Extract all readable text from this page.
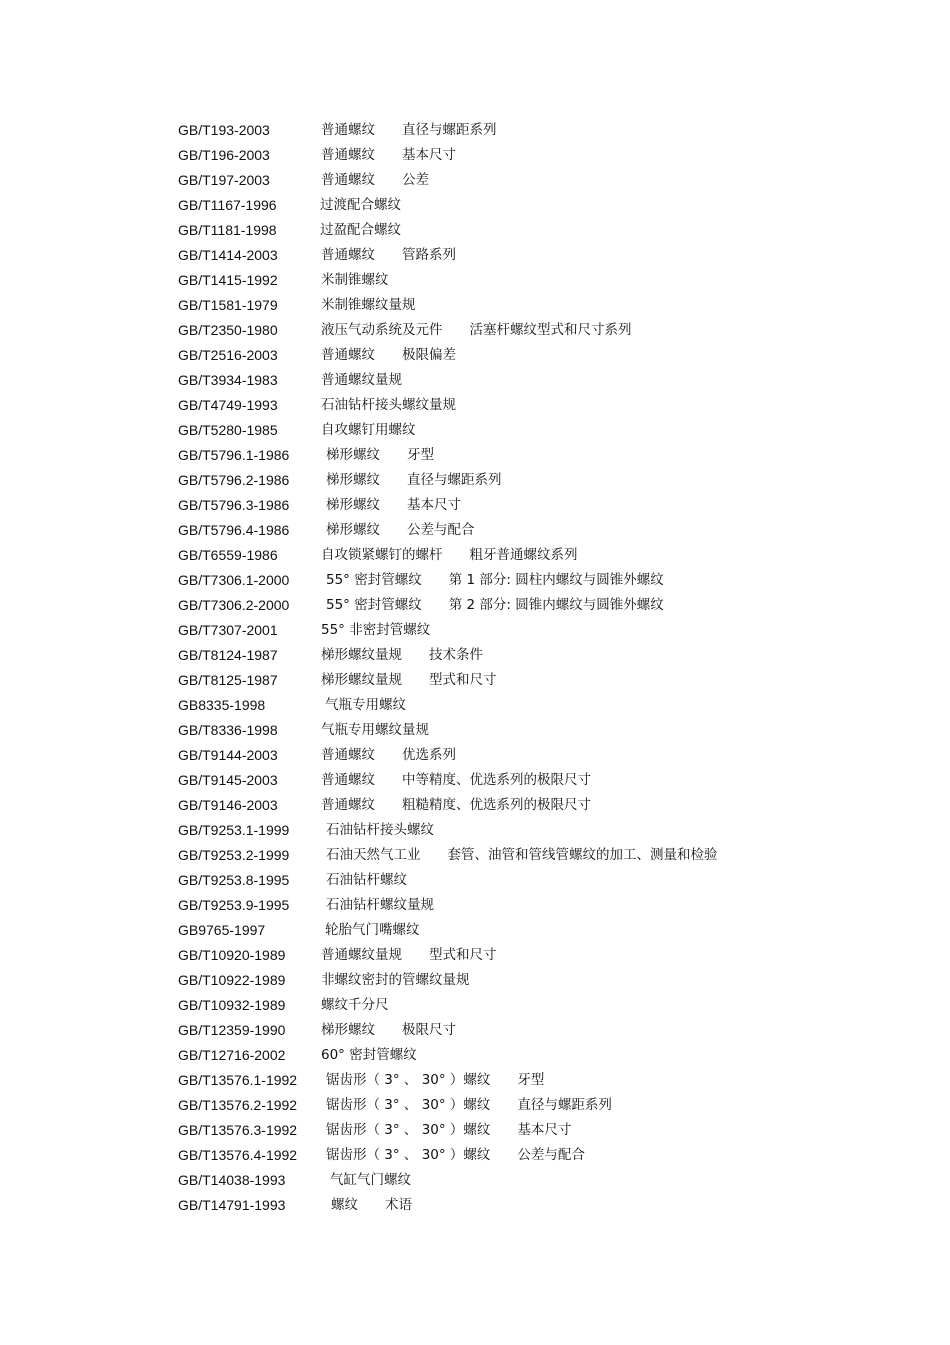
GB/T193-2003	普通螺纹　　直径与螺距系列
GB/T196-2003	普通螺纹　　基本尺寸
GB/T197-2003	普通螺纹　　公差
GB/T1167-1996	过渡配合螺纹
GB/T1181-1998	过盈配合螺纹
GB/T1414-2003	普通螺纹　　管路系列
GB/T1415-1992	米制锥螺纹
GB/T1581-1979	米制锥螺纹量规
GB/T2350-1980	液压气动系统及元件　　活塞杆螺纹型式和尺寸系列
GB/T2516-2003	普通螺纹　　极限偏差
GB/T3934-1983	普通螺纹量规
GB/T4749-1993	石油钻杆接头螺纹量规
GB/T5280-1985	自攻螺钉用螺纹
GB/T5796.1-1986	梯形螺纹　　牙型
GB/T5796.2-1986	梯形螺纹　　直径与螺距系列
GB/T5796.3-1986	梯形螺纹　　基本尺寸
GB/T5796.4-1986	梯形螺纹　　公差与配合
GB/T6559-1986	自攻锁紧螺钉的螺杆　　粗牙普通螺纹系列
GB/T7306.1-2000	55° 密封管螺纹　　第 1 部分: 圆柱内螺纹与圆锥外螺纹
GB/T7306.2-2000	55° 密封管螺纹　　第 2 部分: 圆锥内螺纹与圆锥外螺纹
GB/T7307-2001	55° 非密封管螺纹
GB/T8124-1987	梯形螺纹量规　　技术条件
GB/T8125-1987	梯形螺纹量规　　型式和尺寸
GB8335-1998	气瓶专用螺纹
GB/T8336-1998	气瓶专用螺纹量规
GB/T9144-2003	普通螺纹　　优选系列
GB/T9145-2003	普通螺纹　　中等精度、优选系列的极限尺寸
GB/T9146-2003	普通螺纹　　粗糙精度、优选系列的极限尺寸
GB/T9253.1-1999	石油钻杆接头螺纹
GB/T9253.2-1999	石油天然气工业　　套管、油管和管线管螺纹的加工、测量和检验
GB/T9253.8-1995	石油钻杆螺纹
GB/T9253.9-1995	石油钻杆螺纹量规
GB9765-1997	轮胎气门嘴螺纹
GB/T10920-1989	普通螺纹量规　　型式和尺寸
GB/T10922-1989	非螺纹密封的管螺纹量规
GB/T10932-1989	螺纹千分尺
GB/T12359-1990	梯形螺纹　　极限尺寸
GB/T12716-2002	60° 密封管螺纹
GB/T13576.1-1992 锯齿形（ 3° 、 30° ）螺纹　　牙型
GB/T13576.2-1992 锯齿形（ 3° 、 30° ）螺纹　　直径与螺距系列
GB/T13576.3-1992 锯齿形（ 3° 、 30° ）螺纹　　基本尺寸
GB/T13576.4-1992 锯齿形（ 3° 、 30° ）螺纹　　公差与配合
GB/T14038-1993	气缸气门螺纹
GB/T14791-1993	螺纹　　术语
